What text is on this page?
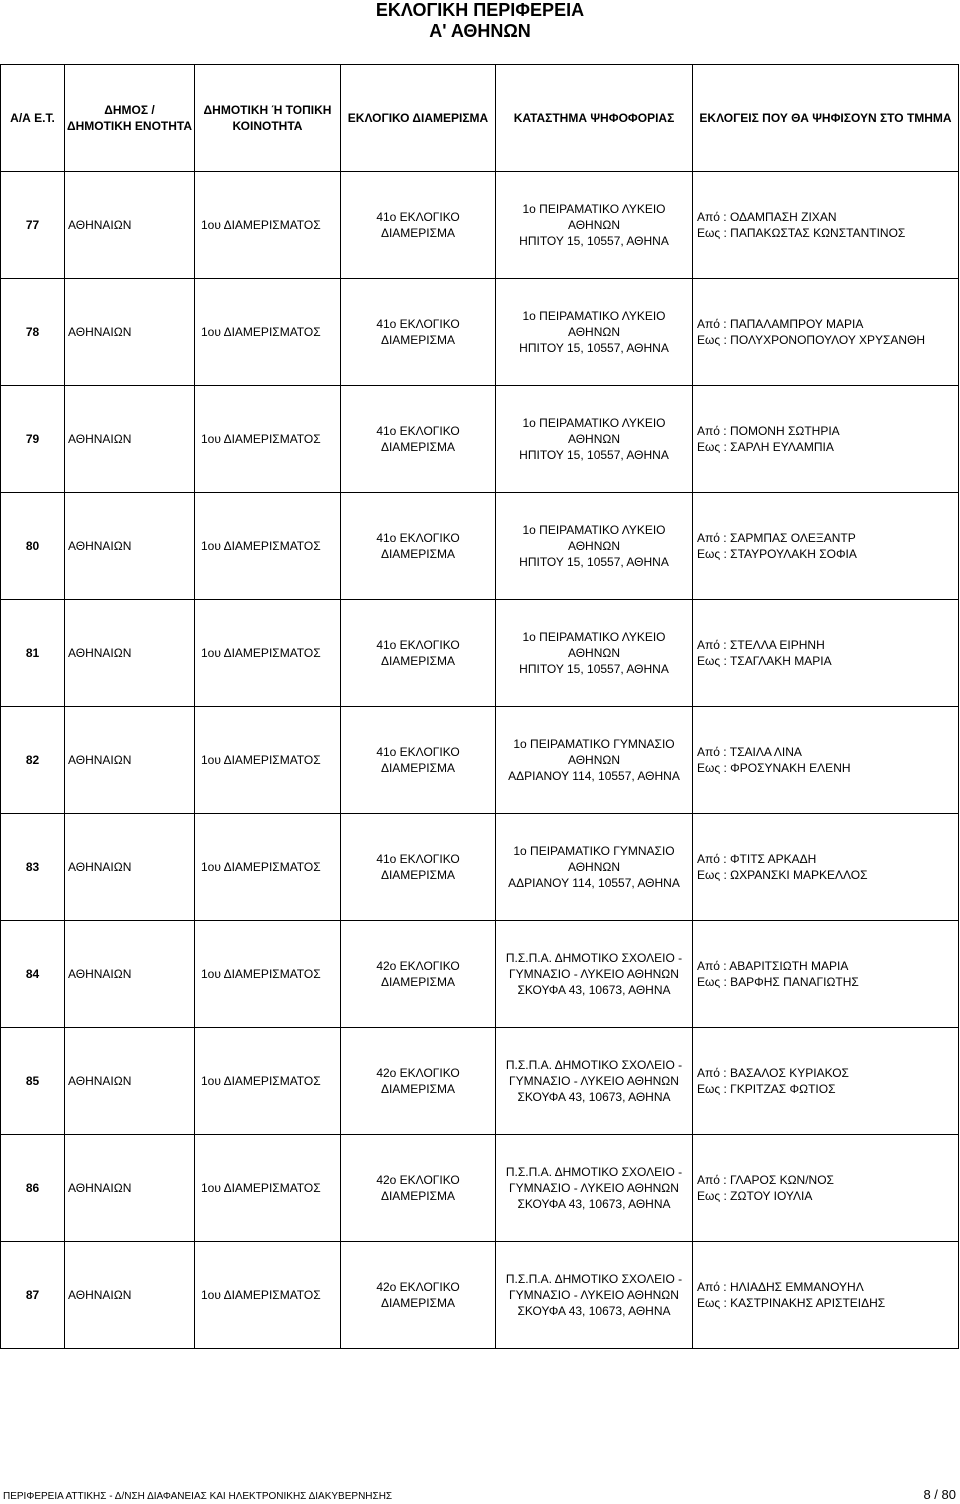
ΕΚΛΟΓΙΚΗ ΠΕΡΙΦΕΡΕΙΑ
Α' ΑΘΗΝΩΝ
Α/Α Ε.Τ.	ΔΗΜΟΣ /
ΔΗΜΟΤΙΚΗ ΕΝΟΤΗΤΑ	ΔΗΜΟΤΙΚΗ Ή ΤΟΠΙΚΗ
ΚΟΙΝΟΤΗΤΑ	ΕΚΛΟΓΙΚΟ ΔΙΑΜΕΡΙΣΜΑ	ΚΑΤΑΣΤΗΜΑ ΨΗΦΟΦΟΡΙΑΣ	ΕΚΛΟΓΕΙΣ ΠΟΥ ΘΑ ΨΗΦΙΣΟΥΝ ΣΤΟ ΤΜΗΜΑ

77	ΑΘΗΝΑΙΩΝ	1ου ΔΙΑΜΕΡΙΣΜΑΤΟΣ	41ο ΕΚΛΟΓΙΚΟ
ΔΙΑΜΕΡΙΣΜΑ	1ο ΠΕΙΡΑΜΑΤΙΚΟ ΛΥΚΕΙΟ
ΑΘΗΝΩΝ
ΗΠΙΤΟΥ 15, 10557, ΑΘΗΝΑ	Από : ΟΔΑΜΠΑΣΗ ΖΙΧΑΝ
Εως : ΠΑΠΑΚΩΣΤΑΣ ΚΩΝΣΤΑΝΤΙΝΟΣ

78	ΑΘΗΝΑΙΩΝ	1ου ΔΙΑΜΕΡΙΣΜΑΤΟΣ	41ο ΕΚΛΟΓΙΚΟ
ΔΙΑΜΕΡΙΣΜΑ	1ο ΠΕΙΡΑΜΑΤΙΚΟ ΛΥΚΕΙΟ
ΑΘΗΝΩΝ
ΗΠΙΤΟΥ 15, 10557, ΑΘΗΝΑ	Από : ΠΑΠΑΛΑΜΠΡΟΥ ΜΑΡΙΑ
Εως : ΠΟΛΥΧΡΟΝΟΠΟΥΛΟΥ ΧΡΥΣΑΝΘΗ

79	ΑΘΗΝΑΙΩΝ	1ου ΔΙΑΜΕΡΙΣΜΑΤΟΣ	41ο ΕΚΛΟΓΙΚΟ
ΔΙΑΜΕΡΙΣΜΑ	1ο ΠΕΙΡΑΜΑΤΙΚΟ ΛΥΚΕΙΟ
ΑΘΗΝΩΝ
ΗΠΙΤΟΥ 15, 10557, ΑΘΗΝΑ	Από : ΠΟΜΟΝΗ ΣΩΤΗΡΙΑ
Εως : ΣΑΡΛΗ ΕΥΛΑΜΠΙΑ

80	ΑΘΗΝΑΙΩΝ	1ου ΔΙΑΜΕΡΙΣΜΑΤΟΣ	41ο ΕΚΛΟΓΙΚΟ
ΔΙΑΜΕΡΙΣΜΑ	1ο ΠΕΙΡΑΜΑΤΙΚΟ ΛΥΚΕΙΟ
ΑΘΗΝΩΝ
ΗΠΙΤΟΥ 15, 10557, ΑΘΗΝΑ	Από : ΣΑΡΜΠΑΣ ΟΛΕΞΑΝΤΡ
Εως : ΣΤΑΥΡΟΥΛΑΚΗ ΣΟΦΙΑ

81	ΑΘΗΝΑΙΩΝ	1ου ΔΙΑΜΕΡΙΣΜΑΤΟΣ	41ο ΕΚΛΟΓΙΚΟ
ΔΙΑΜΕΡΙΣΜΑ	1ο ΠΕΙΡΑΜΑΤΙΚΟ ΛΥΚΕΙΟ
ΑΘΗΝΩΝ
ΗΠΙΤΟΥ 15, 10557, ΑΘΗΝΑ	Από : ΣΤΕΛΛΑ ΕΙΡΗΝΗ
Εως : ΤΣΑΓΛΑΚΗ ΜΑΡΙΑ

82	ΑΘΗΝΑΙΩΝ	1ου ΔΙΑΜΕΡΙΣΜΑΤΟΣ	41ο ΕΚΛΟΓΙΚΟ
ΔΙΑΜΕΡΙΣΜΑ	1ο ΠΕΙΡΑΜΑΤΙΚΟ ΓΥΜΝΑΣΙΟ
ΑΘΗΝΩΝ
ΑΔΡΙΑΝΟΥ 114, 10557, ΑΘΗΝΑ	Από : ΤΣΑΙΛΑ ΛΙΝΑ
Εως : ΦΡΟΣΥΝΑΚΗ ΕΛΕΝΗ

83	ΑΘΗΝΑΙΩΝ	1ου ΔΙΑΜΕΡΙΣΜΑΤΟΣ	41ο ΕΚΛΟΓΙΚΟ
ΔΙΑΜΕΡΙΣΜΑ	1ο ΠΕΙΡΑΜΑΤΙΚΟ ΓΥΜΝΑΣΙΟ
ΑΘΗΝΩΝ
ΑΔΡΙΑΝΟΥ 114, 10557, ΑΘΗΝΑ	Από : ΦΤΙΤΣ ΑΡΚΑΔΗ
Εως : ΩΧΡΑΝΣΚΙ ΜΑΡΚΕΛΛΟΣ

84	ΑΘΗΝΑΙΩΝ	1ου ΔΙΑΜΕΡΙΣΜΑΤΟΣ	42ο ΕΚΛΟΓΙΚΟ
ΔΙΑΜΕΡΙΣΜΑ	Π.Σ.Π.Α. ΔΗΜΟΤΙΚΟ ΣΧΟΛΕΙΟ -
ΓΥΜΝΑΣΙΟ - ΛΥΚΕΙΟ ΑΘΗΝΩΝ
ΣΚΟΥΦΑ 43, 10673, ΑΘΗΝΑ	Από : ΑΒΑΡΙΤΣΙΩΤΗ ΜΑΡΙΑ
Εως : ΒΑΡΦΗΣ ΠΑΝΑΓΙΩΤΗΣ

85	ΑΘΗΝΑΙΩΝ	1ου ΔΙΑΜΕΡΙΣΜΑΤΟΣ	42ο ΕΚΛΟΓΙΚΟ
ΔΙΑΜΕΡΙΣΜΑ	Π.Σ.Π.Α. ΔΗΜΟΤΙΚΟ ΣΧΟΛΕΙΟ -
ΓΥΜΝΑΣΙΟ - ΛΥΚΕΙΟ ΑΘΗΝΩΝ
ΣΚΟΥΦΑ 43, 10673, ΑΘΗΝΑ	Από : ΒΑΣΑΛΟΣ ΚΥΡΙΑΚΟΣ
Εως : ΓΚΡΙΤΖΑΣ ΦΩΤΙΟΣ

86	ΑΘΗΝΑΙΩΝ	1ου ΔΙΑΜΕΡΙΣΜΑΤΟΣ	42ο ΕΚΛΟΓΙΚΟ
ΔΙΑΜΕΡΙΣΜΑ	Π.Σ.Π.Α. ΔΗΜΟΤΙΚΟ ΣΧΟΛΕΙΟ -
ΓΥΜΝΑΣΙΟ - ΛΥΚΕΙΟ ΑΘΗΝΩΝ
ΣΚΟΥΦΑ 43, 10673, ΑΘΗΝΑ	Από : ΓΛΑΡΟΣ ΚΩΝ/ΝΟΣ
Εως : ΖΩΤΟΥ ΙΟΥΛΙΑ

87	ΑΘΗΝΑΙΩΝ	1ου ΔΙΑΜΕΡΙΣΜΑΤΟΣ	42ο ΕΚΛΟΓΙΚΟ
ΔΙΑΜΕΡΙΣΜΑ	Π.Σ.Π.Α. ΔΗΜΟΤΙΚΟ ΣΧΟΛΕΙΟ -
ΓΥΜΝΑΣΙΟ - ΛΥΚΕΙΟ ΑΘΗΝΩΝ
ΣΚΟΥΦΑ 43, 10673, ΑΘΗΝΑ	Από : ΗΛΙΑΔΗΣ ΕΜΜΑΝΟΥΗΛ
Εως : ΚΑΣΤΡΙΝΑΚΗΣ ΑΡΙΣΤΕΙΔΗΣ
ΠΕΡΙΦΕΡΕΙΑ ΑΤΤΙΚΗΣ - Δ/ΝΣΗ ΔΙΑΦΑΝΕΙΑΣ ΚΑΙ ΗΛΕΚΤΡΟΝΙΚΗΣ ΔΙΑΚΥΒΕΡΝΗΣΗΣ	8 / 80
